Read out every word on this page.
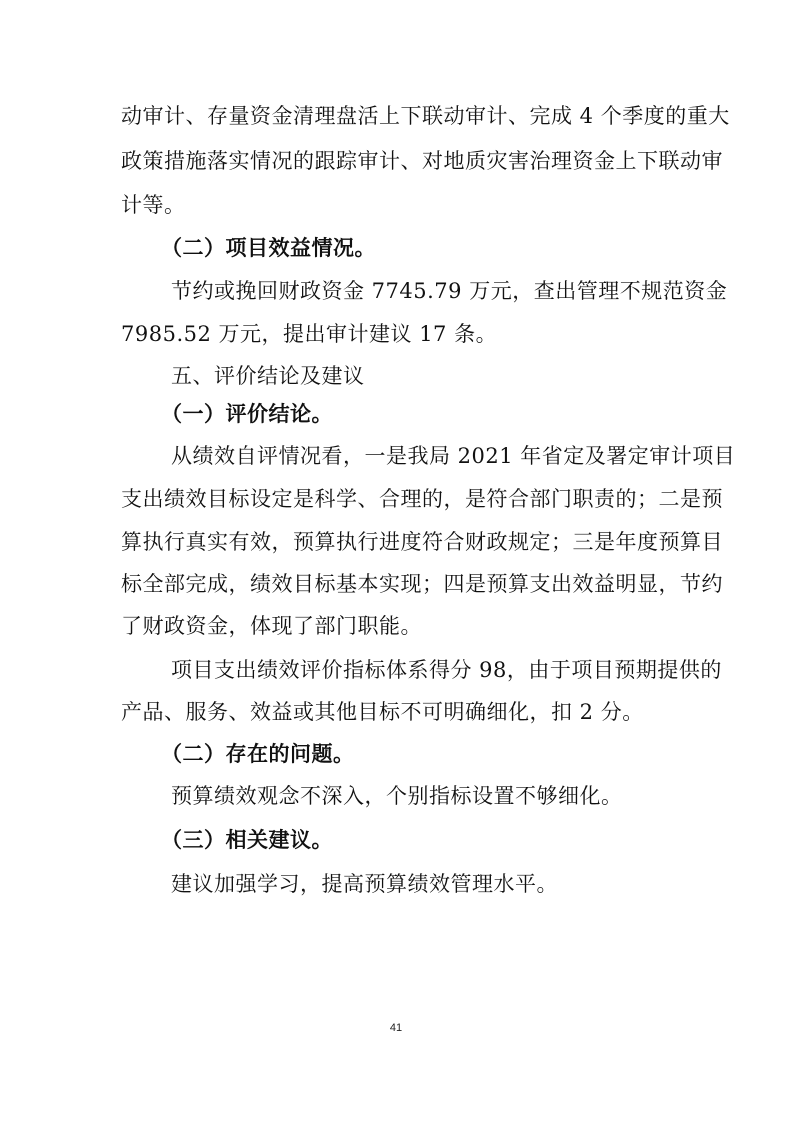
动审计、存量资金清理盘活上下联动审计、完成 4 个季度的重大

政策措施落实情况的跟踪审计、对地质灾害治理资金上下联动审

计等。

（二）项目效益情况。

节约或挽回财政资金 7745.79 万元，查出管理不规范资金

7985.52 万元，提出审计建议 17 条。

五、评价结论及建议

（一）评价结论。

从绩效自评情况看，一是我局 2021 年省定及署定审计项目

支出绩效目标设定是科学、合理的，是符合部门职责的；二是预

算执行真实有效，预算执行进度符合财政规定；三是年度预算目

标全部完成，绩效目标基本实现；四是预算支出效益明显，节约

了财政资金，体现了部门职能。

项目支出绩效评价指标体系得分 98，由于项目预期提供的

产品、服务、效益或其他目标不可明确细化，扣 2 分。

（二）存在的问题。

预算绩效观念不深入，个别指标设置不够细化。

（三）相关建议。

建议加强学习，提高预算绩效管理水平。

41
